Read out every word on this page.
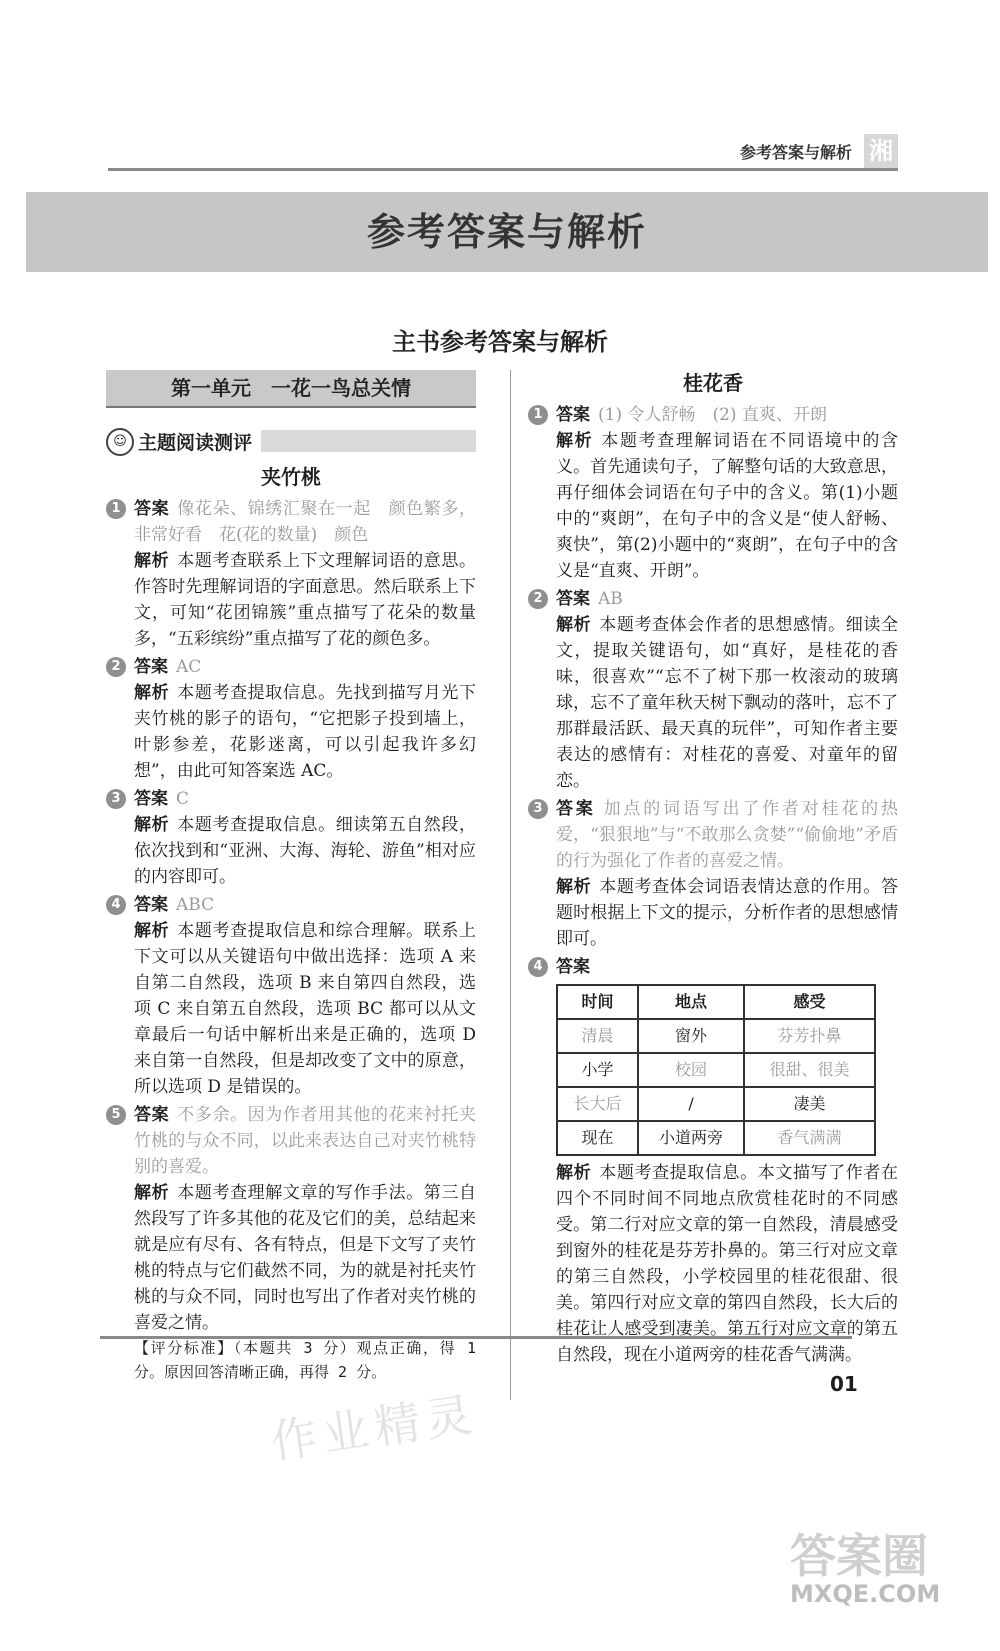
参考答案与解析 湘
参考答案与解析
主书参考答案与解析
第一单元　一花一鸟总关情
☺ 主题阅读测评
夹竹桃
1 答案 像花朵、锦绣汇聚在一起　颜色繁多，非常好看　花(花的数量)　颜色

解析 本题考查联系上下文理解词语的意思。作答时先理解词语的字面意思。然后联系上下文，可知“花团锦簇”重点描写了花朵的数量多，“五彩缤纷”重点描写了花的颜色多。

2 答案 AC

解析 本题考查提取信息。先找到描写月光下夹竹桃的影子的语句，“它把影子投到墙上，叶影参差，花影迷离，可以引起我许多幻想”，由此可知答案选 AC。

3 答案 C

解析 本题考查提取信息。细读第五自然段，依次找到和“亚洲、大海、海轮、游鱼”相对应的内容即可。

4 答案 ABC

解析 本题考查提取信息和综合理解。联系上下文可以从关键语句中做出选择：选项 A 来自第二自然段，选项 B 来自第四自然段，选项 C 来自第五自然段，选项 BC 都可以从文章最后一句话中解析出来是正确的，选项 D 来自第一自然段，但是却改变了文中的原意，所以选项 D 是错误的。

5 答案 不多余。因为作者用其他的花来衬托夹竹桃的与众不同，以此来表达自己对夹竹桃特别的喜爱。

解析 本题考查理解文章的写作手法。第三自然段写了许多其他的花及它们的美，总结起来就是应有尽有、各有特点，但是下文写了夹竹桃的特点与它们截然不同，为的就是衬托夹竹桃的与众不同，同时也写出了作者对夹竹桃的喜爱之情。

【评分标准】（本题共 3 分）观点正确，得 1 分。原因回答清晰正确，再得 2 分。

桂花香
1 答案 (1) 令人舒畅　(2) 直爽、开朗

解析 本题考查理解词语在不同语境中的含义。首先通读句子，了解整句话的大致意思，再仔细体会词语在句子中的含义。第(1)小题中的“爽朗”，在句子中的含义是“使人舒畅、爽快”，第(2)小题中的“爽朗”，在句子中的含义是“直爽、开朗”。

2 答案 AB

解析 本题考查体会作者的思想感情。细读全文，提取关键语句，如“真好，是桂花的香味，很喜欢”“忘不了树下那一枚滚动的玻璃球，忘不了童年秋天树下飘动的落叶，忘不了那群最活跃、最天真的玩伴”，可知作者主要表达的感情有：对桂花的喜爱、对童年的留恋。

3 答案 加点的词语写出了作者对桂花的热爱，“狠狠地”与“不敢那么贪婪”“偷偷地”矛盾的行为强化了作者的喜爱之情。

解析 本题考查体会词语表情达意的作用。答题时根据上下文的提示，分析作者的思想感情即可。

4 答案

时间	地点	感受
清晨	窗外	芬芳扑鼻
小学	校园	很甜、很美
长大后	/	凄美
现在	小道两旁	香气满满

解析 本题考查提取信息。本文描写了作者在四个不同时间不同地点欣赏桂花时的不同感受。第二行对应文章的第一自然段，清晨感受到窗外的桂花是芬芳扑鼻的。第三行对应文章的第三自然段，小学校园里的桂花很甜、很美。第四行对应文章的第四自然段，长大后的桂花让人感受到凄美。第五行对应文章的第五自然段，现在小道两旁的桂花香气满满。

01
作业精灵
答案圈
MXQE.COM
